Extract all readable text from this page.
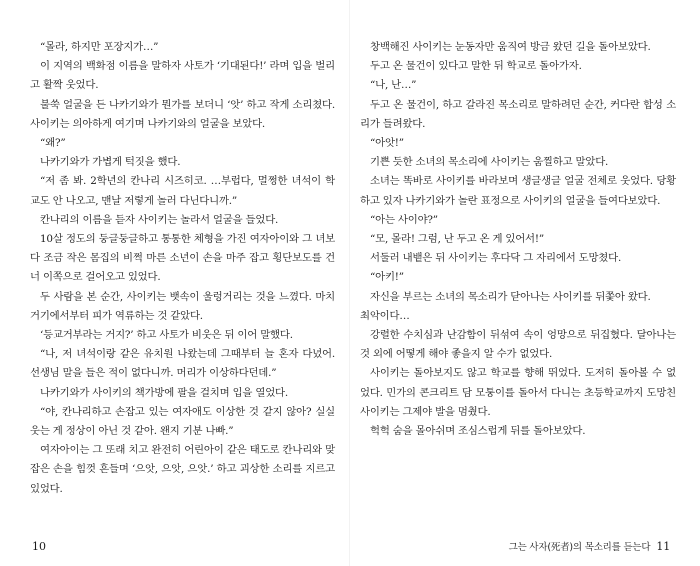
“몰라, 하지만 포장지가…”

이 지역의 백화점 이름을 말하자 사토가 ‘기대된다!’ 라며 입을 벌리고 활짝 웃었다.

불쑥 얼굴을 든 나카기와가 뭔가를 보더니 ‘앗’ 하고 작게 소리쳤다. 사이키는 의아하게 여기며 나카기와의 얼굴을 보았다.

“왜?”

나카기와가 가볍게 턱짓을 했다.

“저 좀 봐. 2학년의 칸나리 시즈히코. …부럽다, 멀쩡한 녀석이 학교도 안 나오고, 맨날 저렇게 놀러 다닌다니까.”

칸나리의 이름을 듣자 사이키는 놀라서 얼굴을 들었다.

10살 정도의 둥글둥글하고 통통한 체형을 가진 여자아이와 그 녀보다 조금 작은 몸집의 비쩍 마른 소년이 손을 마주 잡고 횡단보도를 건너 이쪽으로 걸어오고 있었다.

두 사람을 본 순간, 사이키는 뱃속이 울렁거리는 것을 느꼈다. 마치 거기에서부터 피가 역류하는 것 같았다.

‘등교거부라는 거지?’ 하고 사토가 비웃은 뒤 이어 말했다.

“나, 저 녀석이랑 같은 유치원 나왔는데 그때부터 늘 혼자 다녔어. 선생님 말을 들은 적이 없다니까. 머리가 이상하다던데.”

나카기와가 사이키의 책가방에 팔을 걸치며 입을 열었다.

“야, 칸나리하고 손잡고 있는 여자애도 이상한 것 같지 않아? 실실 웃는 게 정상이 아닌 것 같아. 왠지 기분 나빠.”

여자아이는 그 또래 치고 완전히 어린아이 같은 태도로 칸나리와 맞잡은 손을 힘껏 흔들며 ‘으앗, 으앗, 으앗.’ 하고 괴상한 소리를 지르고 있었다.

창백해진 사이키는 눈동자만 움직여 방금 왔던 길을 돌아보았다.

두고 온 물건이 있다고 말한 뒤 학교로 돌아가자.

“나, 난…”

두고 온 물건이, 하고 갈라진 목소리로 말하려던 순간, 커다란 합성 소리가 들려왔다.

“아앗!”

기쁜 듯한 소녀의 목소리에 사이키는 움찔하고 말았다.

소녀는 똑바로 사이키를 바라보며 생글생글 얼굴 전체로 웃었다. 당황하고 있자 나카기와가 놀란 표정으로 사이키의 얼굴을 들여다보았다.

“아는 사이야?”

“모, 몰라! 그럼, 난 두고 온 게 있어서!”

서둘러 내뱉은 뒤 사이키는 후다닥 그 자리에서 도망쳤다.

“아키!”

자신을 부르는 소녀의 목소리가 닫아나는 사이키를 뒤쫓아 왔다.

최악이다…

강렬한 수치심과 난감함이 뒤섞여 속이 엉망으로 뒤집혔다. 달아나는 것 외에 어떻게 해야 좋을지 알 수가 없었다.

사이키는 돌아보지도 않고 학교를 향해 뛰었다. 도저히 돌아볼 수 없었다. 민가의 콘크리트 담 모퉁이를 돌아서 다니는 초등학교까지 도망친 사이키는 그제야 발을 멈췄다.

헉헉 숨을 몰아쉬며 조심스럽게 뒤를 돌아보았다.

10	그는 사자(死者)의 목소리를 듣는다 11
